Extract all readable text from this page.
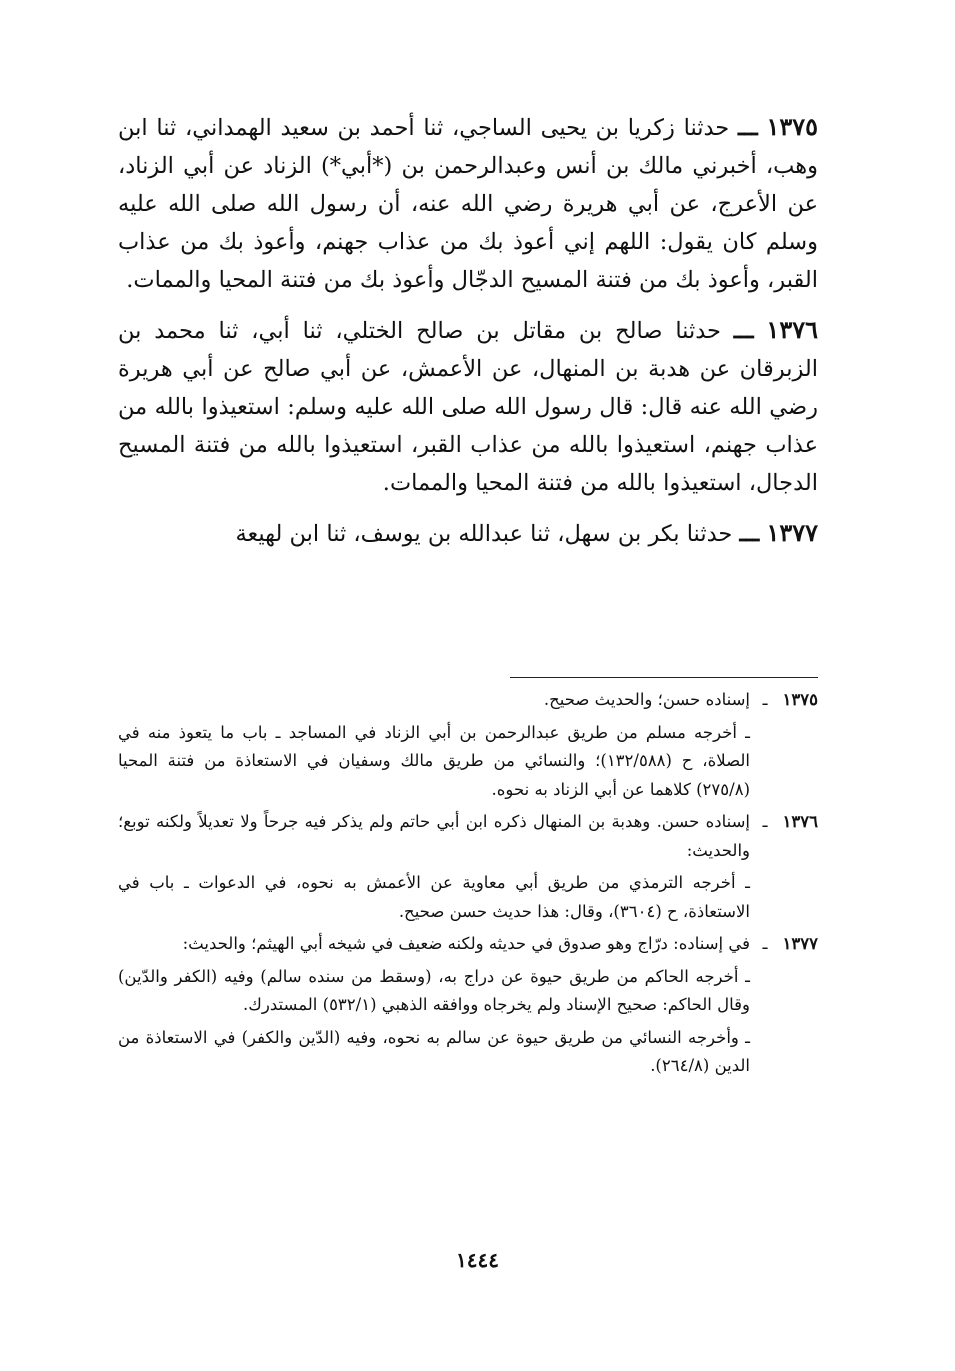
١٣٧٥ ـــ حدثنا زكريا بن يحيى الساجي، ثنا أحمد بن سعيد الهمداني، ثنا ابن وهب، أخبرني مالك بن أنس وعبدالرحمن بن (*أبي*) الزناد عن أبي الزناد، عن الأعرج، عن أبي هريرة رضي الله عنه، أن رسول الله صلى الله عليه وسلم كان يقول: اللهم إني أعوذ بك من عذاب جهنم، وأعوذ بك من عذاب القبر، وأعوذ بك من فتنة المسيح الدجّال وأعوذ بك من فتنة المحيا والممات.

١٣٧٦ ـــ حدثنا صالح بن مقاتل بن صالح الختلي، ثنا أبي، ثنا محمد بن الزبرقان عن هدبة بن المنهال، عن الأعمش، عن أبي صالح عن أبي هريرة رضي الله عنه قال: قال رسول الله صلى الله عليه وسلم: استعيذوا بالله من عذاب جهنم، استعيذوا بالله من عذاب القبر، استعيذوا بالله من فتنة المسيح الدجال، استعيذوا بالله من فتنة المحيا والممات.

١٣٧٧ ـــ حدثنا بكر بن سهل، ثنا عبدالله بن يوسف، ثنا ابن لهيعة

١٣٧٥
ـ

إسناده حسن؛ والحديث صحيح.

ـ أخرجه مسلم من طريق عبدالرحمن بن أبي الزناد في المساجد ـ باب ما يتعوذ منه في الصلاة، ح (١٣٢/٥٨٨)؛ والنسائي من طريق مالك وسفيان في الاستعاذة من فتنة المحيا (٢٧٥/٨) كلاهما عن أبي الزناد به نحوه.

١٣٧٦
ـ

إسناده حسن. وهدبة بن المنهال ذكره ابن أبي حاتم ولم يذكر فيه جرحاً ولا تعديلاً ولكنه توبع؛ والحديث:

ـ أخرجه الترمذي من طريق أبي معاوية عن الأعمش به نحوه، في الدعوات ـ باب في الاستعاذة، ح (٣٦٠٤)، وقال: هذا حديث حسن صحيح.

١٣٧٧
ـ

في إسناده: درّاج وهو صدوق في حديثه ولكنه ضعيف في شيخه أبي الهيثم؛ والحديث:

ـ أخرجه الحاكم من طريق حيوة عن دراج به، (وسقط من سنده سالم) وفيه (الكفر والدّين) وقال الحاكم: صحيح الإسناد ولم يخرجاه ووافقه الذهبي (٥٣٢/١) المستدرك.

ـ وأخرجه النسائي من طريق حيوة عن سالم به نحوه، وفيه (الدّين والكفر) في الاستعاذة من الدين (٢٦٤/٨).

١٤٤٤
